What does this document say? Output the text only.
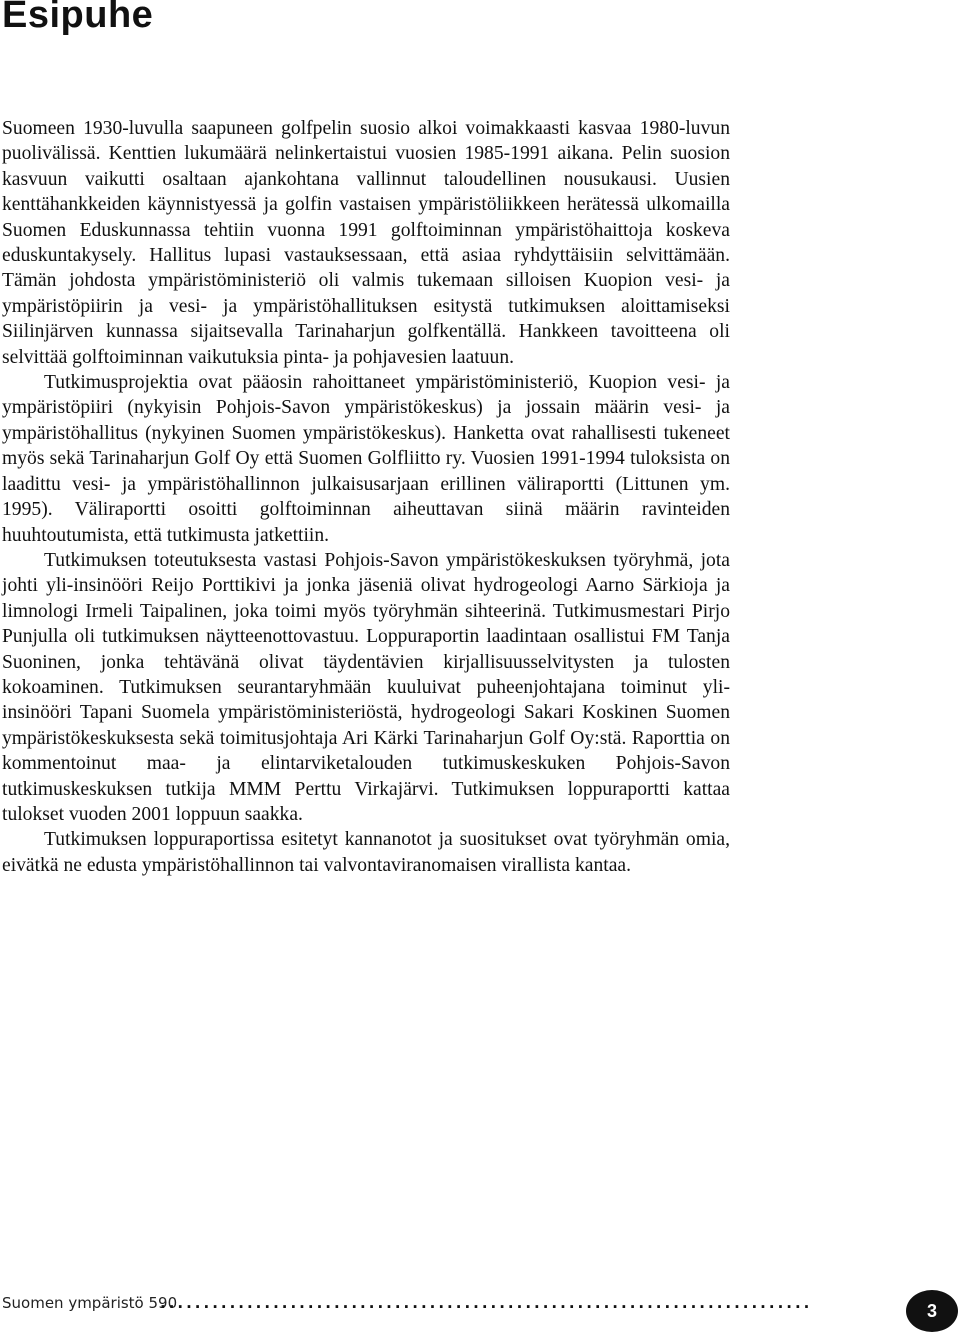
Esipuhe

Suomeen 1930-luvulla saapuneen golfpelin suosio alkoi voimakkaasti kasvaa 1980-luvun puolivälissä. Kenttien lukumäärä nelinkertaistui vuosien 1985-1991 aikana. Pelin suosion kasvuun vaikutti osaltaan ajankohtana vallinnut taloudellinen nousukausi. Uusien kenttähankkeiden käynnistyessä ja golfin vastaisen ympäristöliikkeen herätessä ulkomailla Suomen Eduskunnassa tehtiin vuonna 1991 golftoiminnan ympäristöhaittoja koskeva eduskuntakysely. Hallitus lupasi vastauksessaan, että asiaa ryhdyttäisiin selvittämään. Tämän johdosta ympäristöministeriö oli valmis tukemaan silloisen Kuopion vesi- ja ympäristöpiirin ja vesi- ja ympäristöhallituksen esitystä tutkimuksen aloittamiseksi Siilinjärven kunnassa sijaitsevalla Tarinaharjun golfkentällä. Hankkeen tavoitteena oli selvittää golftoiminnan vaikutuksia pinta- ja pohjavesien laatuun.

Tutkimusprojektia ovat pääosin rahoittaneet ympäristöministeriö, Kuopion vesi- ja ympäristöpiiri (nykyisin Pohjois-Savon ympäristökeskus) ja jossain määrin vesi- ja ympäristöhallitus (nykyinen Suomen ympäristökeskus). Hanketta ovat rahallisesti tukeneet myös sekä Tarinaharjun Golf Oy että Suomen Golfliitto ry. Vuosien 1991-1994 tuloksista on laadittu vesi- ja ympäristöhallinnon julkaisusarjaan erillinen väliraportti (Littunen ym. 1995). Väliraportti osoitti golftoiminnan aiheuttavan siinä määrin ravinteiden huuhtoutumista, että tutkimusta jatkettiin.

Tutkimuksen toteutuksesta vastasi Pohjois-Savon ympäristökeskuksen työryhmä, jota johti yli-insinööri Reijo Porttikivi ja jonka jäseniä olivat hydrogeologi Aarno Särkioja ja limnologi Irmeli Taipalinen, joka toimi myös työryhmän sihteerinä. Tutkimusmestari Pirjo Punjulla oli tutkimuksen näytteenottovastuu. Loppuraportin laadintaan osallistui FM Tanja Suoninen, jonka tehtävänä olivat täydentävien kirjallisuusselvitysten ja tulosten kokoaminen. Tutkimuksen seurantaryhmään kuuluivat puheenjohtajana toiminut yli-insinööri Tapani Suomela ympäristöministeriöstä, hydrogeologi Sakari Koskinen Suomen ympäristökeskuksesta sekä toimitusjohtaja Ari Kärki Tarinaharjun Golf Oy:stä. Raporttia on kommentoinut maa- ja elintarviketalouden tutkimuskeskuken Pohjois-Savon tutkimuskeskuksen tutkija MMM Perttu Virkajärvi. Tutkimuksen loppuraportti kattaa tulokset vuoden 2001 loppuun saakka.

Tutkimuksen loppuraportissa esitetyt kannanotot ja suositukset ovat työryhmän omia, eivätkä ne edusta ympäristöhallinnon tai valvontaviranomaisen virallista kantaa.

Suomen ympäristö 590
...........................................................................	3
